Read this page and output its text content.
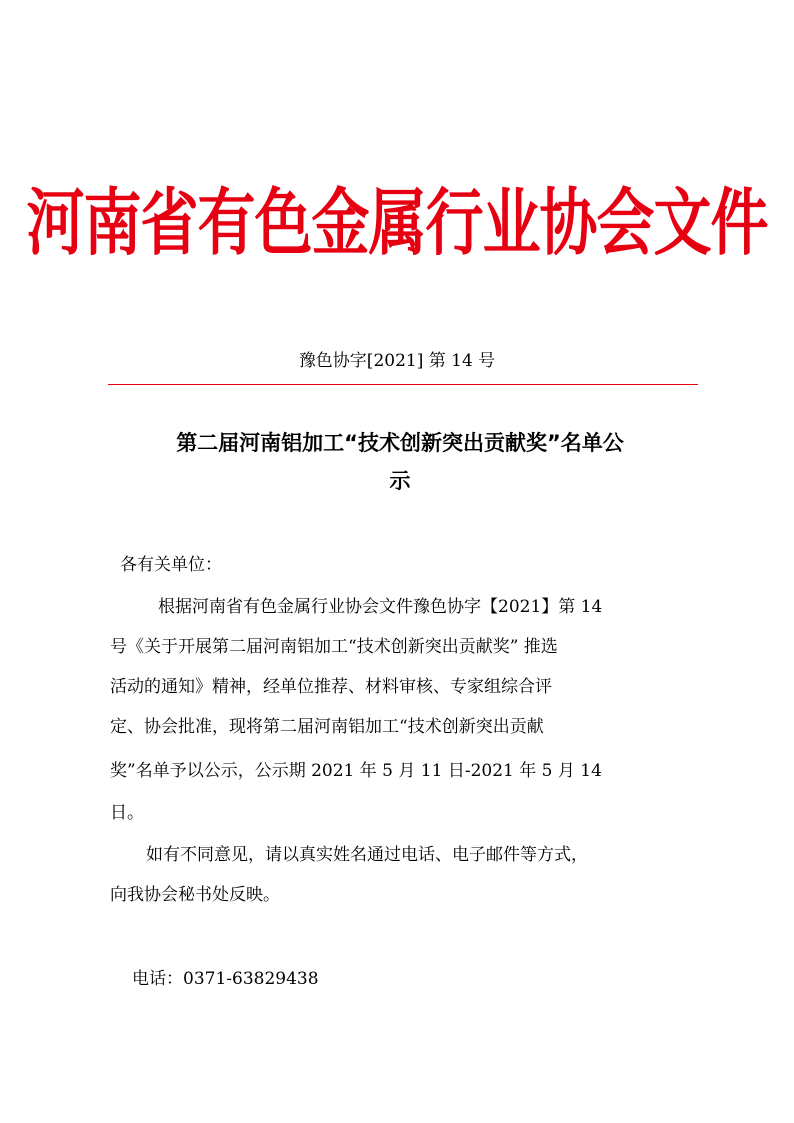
河南省有色金属行业协会文件
豫色协字[2021] 第 14 号
第二届河南铝加工“技术创新突出贡献奖”名单公
示
各有关单位：
根据河南省有色金属行业协会文件豫色协字【2021】第 14
号《关于开展第二届河南铝加工“技术创新突出贡献奖” 推选
活动的通知》精神，经单位推荐、材料审核、专家组综合评
定、协会批准，现将第二届河南铝加工“技术创新突出贡献
奖”名单予以公示，公示期 2021 年 5 月 11 日-2021 年 5 月 14
日。
如有不同意见，请以真实姓名通过电话、电子邮件等方式，
向我协会秘书处反映。
电话：0371-63829438
